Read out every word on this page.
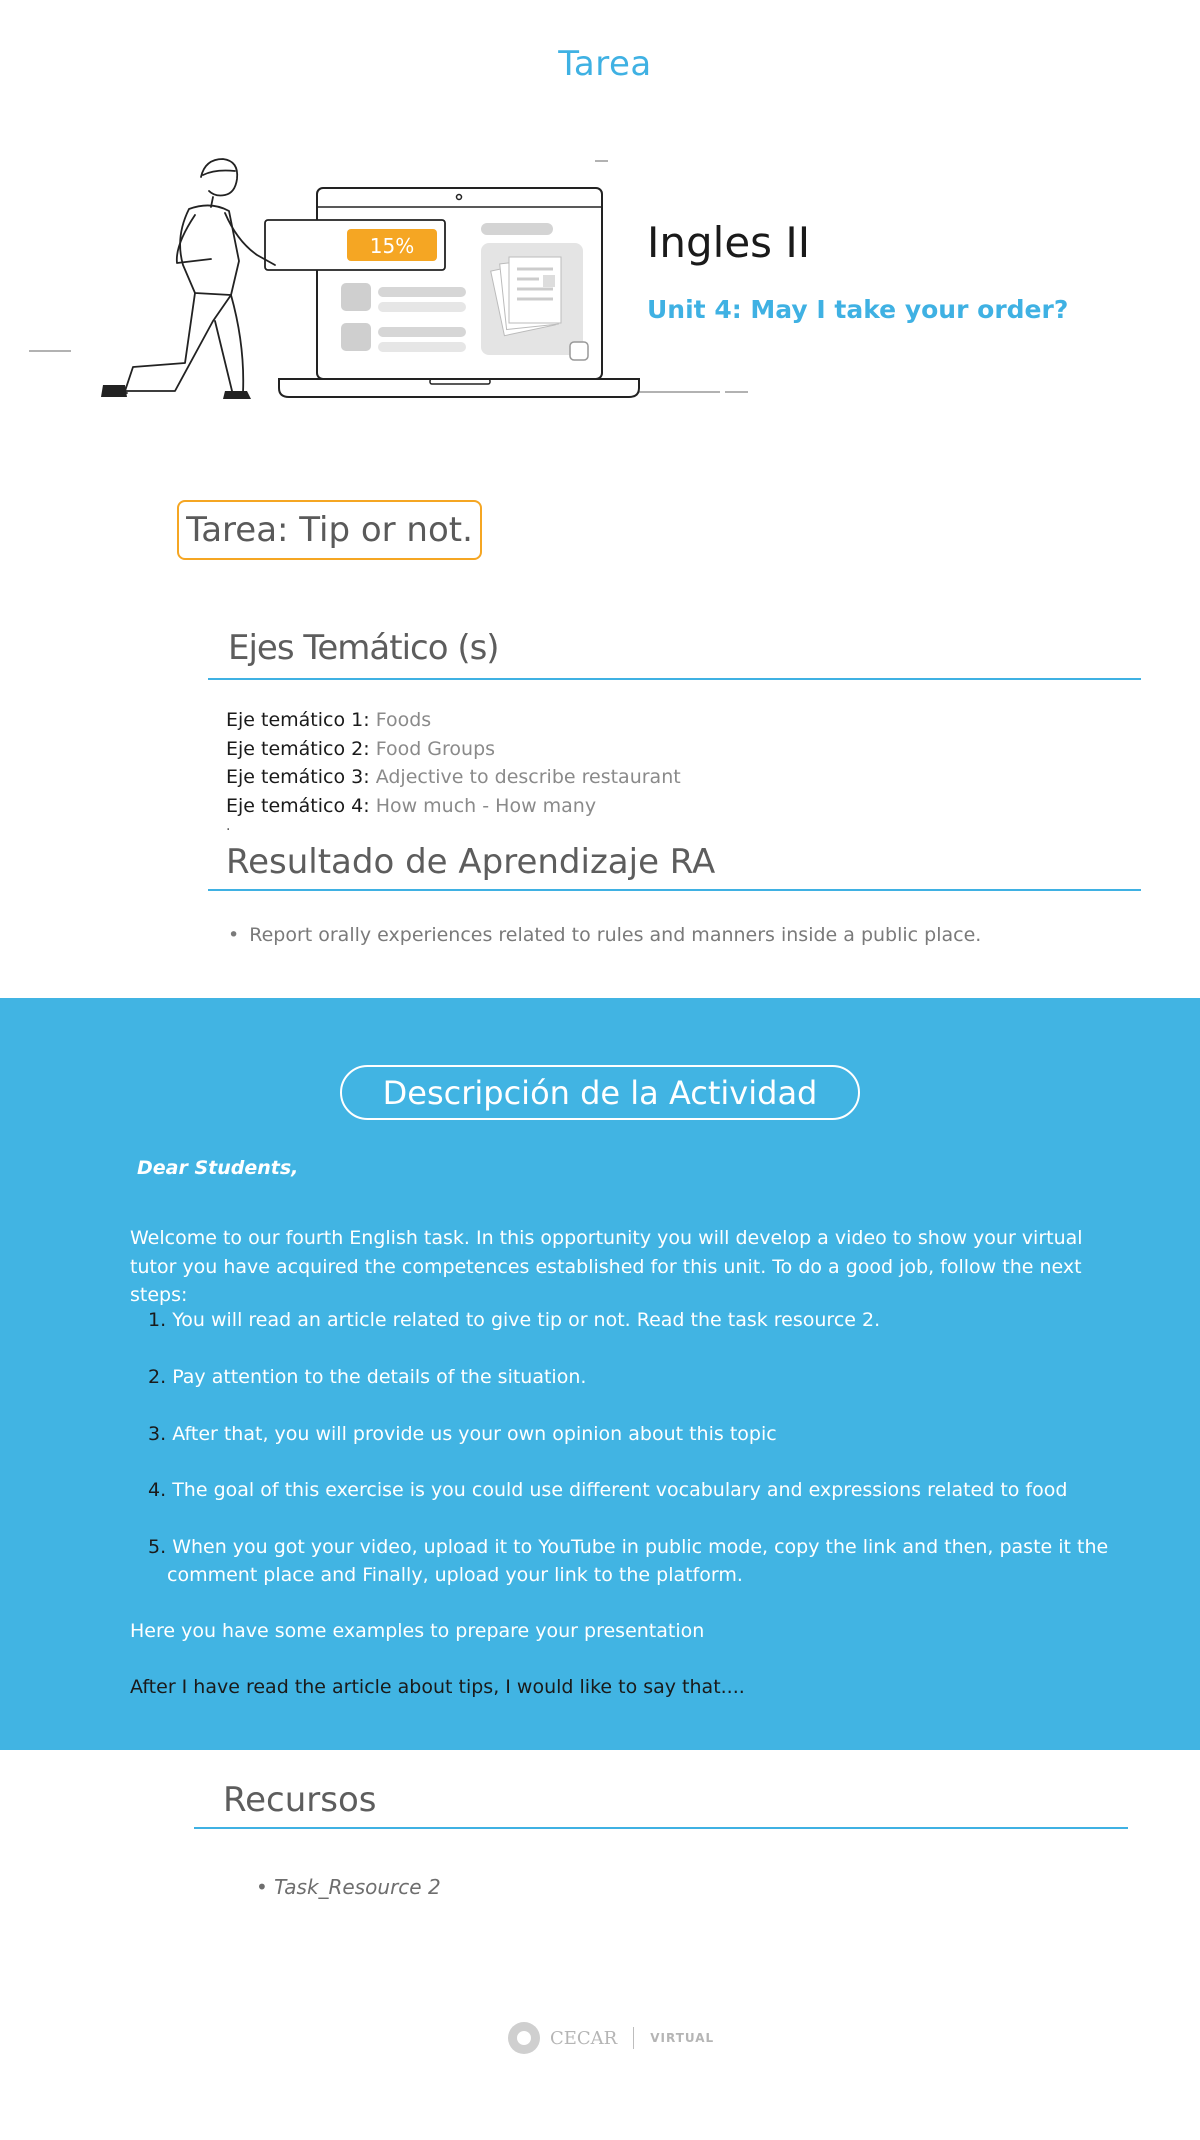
Tarea
15%	Ingles II
Unit 4: May I take your order?
Tarea: Tip or not.
Ejes Temático (s)
Eje temático 1: Foods
Eje temático 2: Food Groups
Eje temático 3: Adjective to describe restaurant
Eje temático 4: How much - How many
.
Resultado de Aprendizaje RA
• Report orally experiences related to rules and manners inside a public place.
Descripción de la Actividad
Dear Students,
Welcome to our fourth English task. In this opportunity you will develop a video to show your virtual tutor you have acquired the competences established for this unit. To do a good job, follow the next steps:
1. You will read an article related to give tip or not. Read the task resource 2.
2. Pay attention to the details of the situation.
3. After that, you will provide us your own opinion about this topic
4. The goal of this exercise is you could use different vocabulary and expressions related to food
5. When you got your video, upload it to YouTube in public mode, copy the link and then, paste it the
comment place and Finally, upload your link to the platform.
Here you have some examples to prepare your presentation
After I have read the article about tips, I would like to say that....
Recursos
• Task_Resource 2
CECAR	VIRTUAL
